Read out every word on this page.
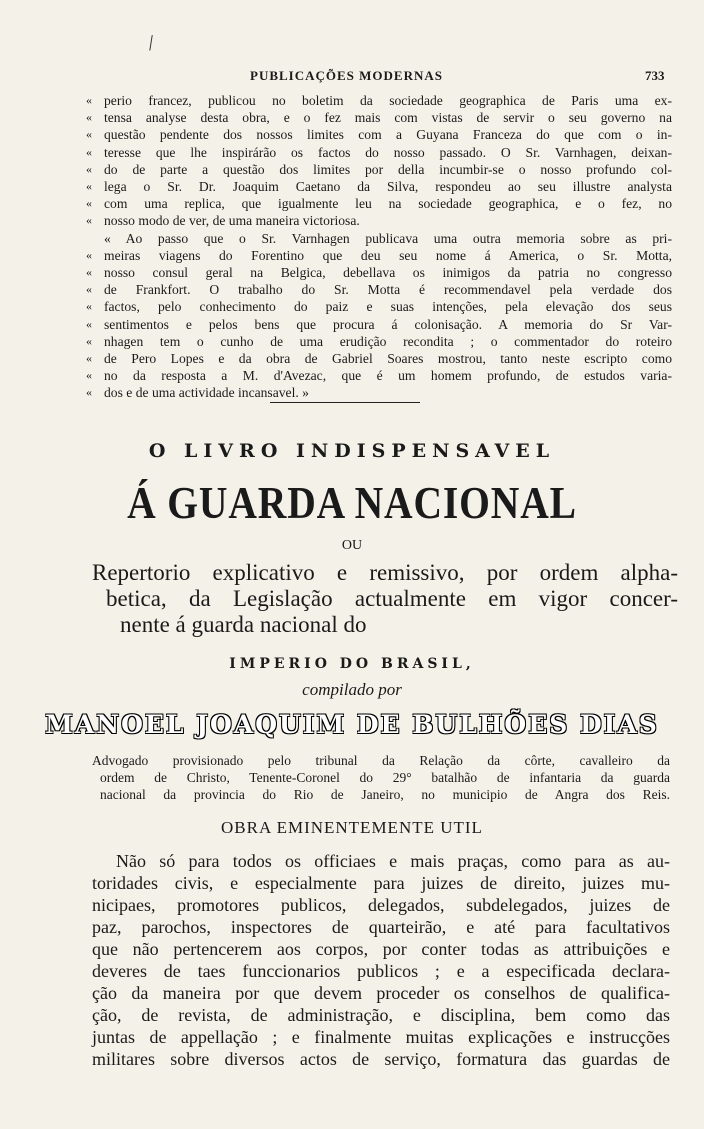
/
PUBLICAÇÕES MODERNAS	733
« perio francez, publicou no boletim da sociedade geographica de Paris uma ex-
« tensa analyse desta obra, e o fez mais com vistas de servir o seu governo na
« questão pendente dos nossos limites com a Guyana Franceza do que com o in-
« teresse que lhe inspirárão os factos do nosso passado. O Sr. Varnhagen, deixan-
« do de parte a questão dos limites por della incumbir-se o nosso profundo col-
« lega o Sr. Dr. Joaquim Caetano da Silva, respondeu ao seu illustre analysta
« com uma replica, que igualmente leu na sociedade geographica, e o fez, no
« nosso modo de ver, de uma maneira victoriosa.
« Ao passo que o Sr. Varnhagen publicava uma outra memoria sobre as pri-
« meiras viagens do Forentino que deu seu nome á America, o Sr. Motta,
« nosso consul geral na Belgica, debellava os inimigos da patria no congresso
« de Frankfort. O trabalho do Sr. Motta é recommendavel pela verdade dos
« factos, pelo conhecimento do paiz e suas intenções, pela elevação dos seus
« sentimentos e pelos bens que procura á colonisação. A memoria do Sr Var-
« nhagen tem o cunho de uma erudição recondita ; o commentador do roteiro
« de Pero Lopes e da obra de Gabriel Soares mostrou, tanto neste escripto como
« no da resposta a M. d'Avezac, que é um homem profundo, de estudos varia-
« dos e de uma actividade incansavel. »
O LIVRO INDISPENSAVEL
Á GUARDA NACIONAL
OU
Repertorio explicativo e remissivo, por ordem alpha-
betica, da Legislação actualmente em vigor concer-
nente á guarda nacional do
IMPERIO DO BRASIL,
compilado por
MANOEL JOAQUIM DE BULHÕES DIAS
Advogado provisionado pelo tribunal da Relação da côrte, cavalleiro da
ordem de Christo, Tenente-Coronel do 29° batalhão de infantaria da guarda
nacional da provincia do Rio de Janeiro, no municipio de Angra dos Reis.
OBRA EMINENTEMENTE UTIL
Não só para todos os officiaes e mais praças, como para as au-
toridades civis, e especialmente para juizes de direito, juizes mu-
nicipaes, promotores publicos, delegados, subdelegados, juizes de
paz, parochos, inspectores de quarteirão, e até para facultativos
que não pertencerem aos corpos, por conter todas as attribuições e
deveres de taes funccionarios publicos ; e a especificada declara-
ção da maneira por que devem proceder os conselhos de qualifica-
ção, de revista, de administração, e disciplina, bem como das
juntas de appellação ; e finalmente muitas explicações e instrucções
militares sobre diversos actos de serviço, formatura das guardas de
